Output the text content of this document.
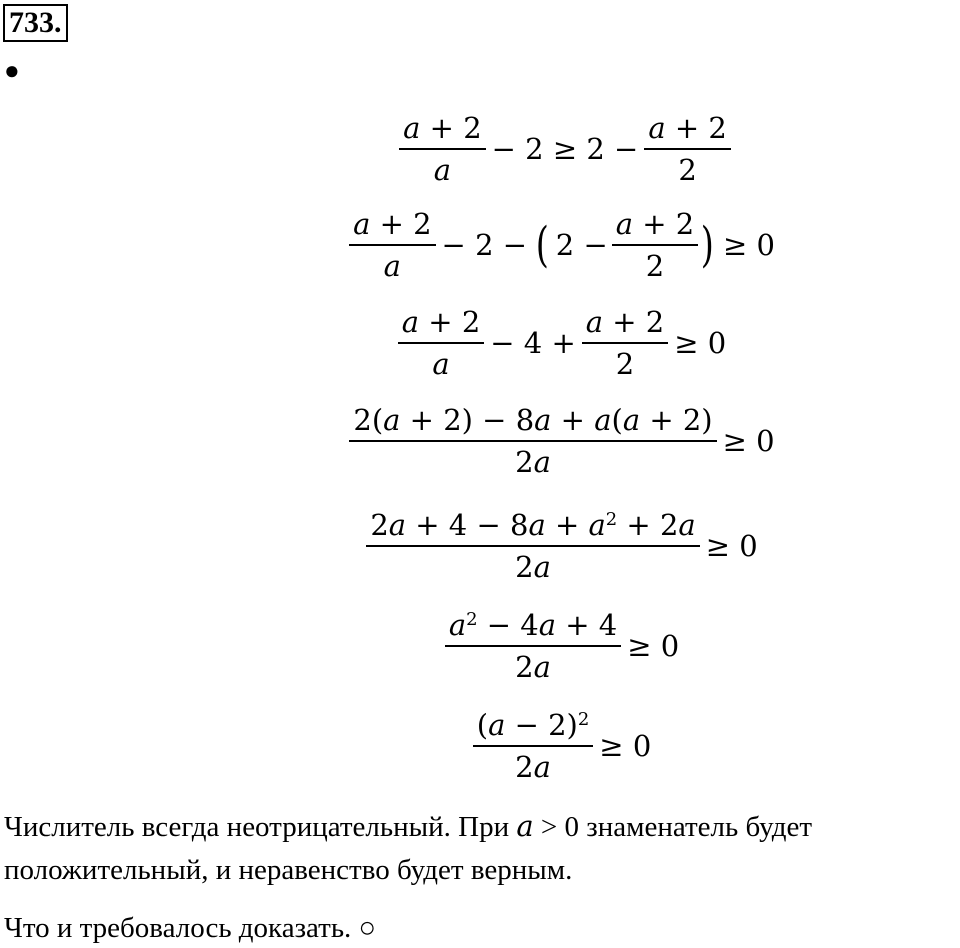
733.
●
$\frac{a + 2}{a} - 2 \ge 2 - \frac{a + 2}{2}$
$\frac{a + 2}{a} - 2$ − ( $2 - \frac{a + 2}{2}$ ) ≥ 0
$\frac{a + 2}{a} - 4 + \frac{a + 2}{2} \ge 0$
$\frac{2(a + 2) - 8a + a(a + 2)}{2a} \ge 0$
$\frac{2a + 4 - 8a + a^2 + 2a}{2a} \ge 0$
$\frac{a^2 - 4a + 4}{2a} \ge 0$
$\frac{(a - 2)^2}{2a} \ge 0$
Числитель всегда неотрицательный. При a > 0 знаменатель будет
положительный, и неравенство будет верным.
Что и требовалось доказать. ○
